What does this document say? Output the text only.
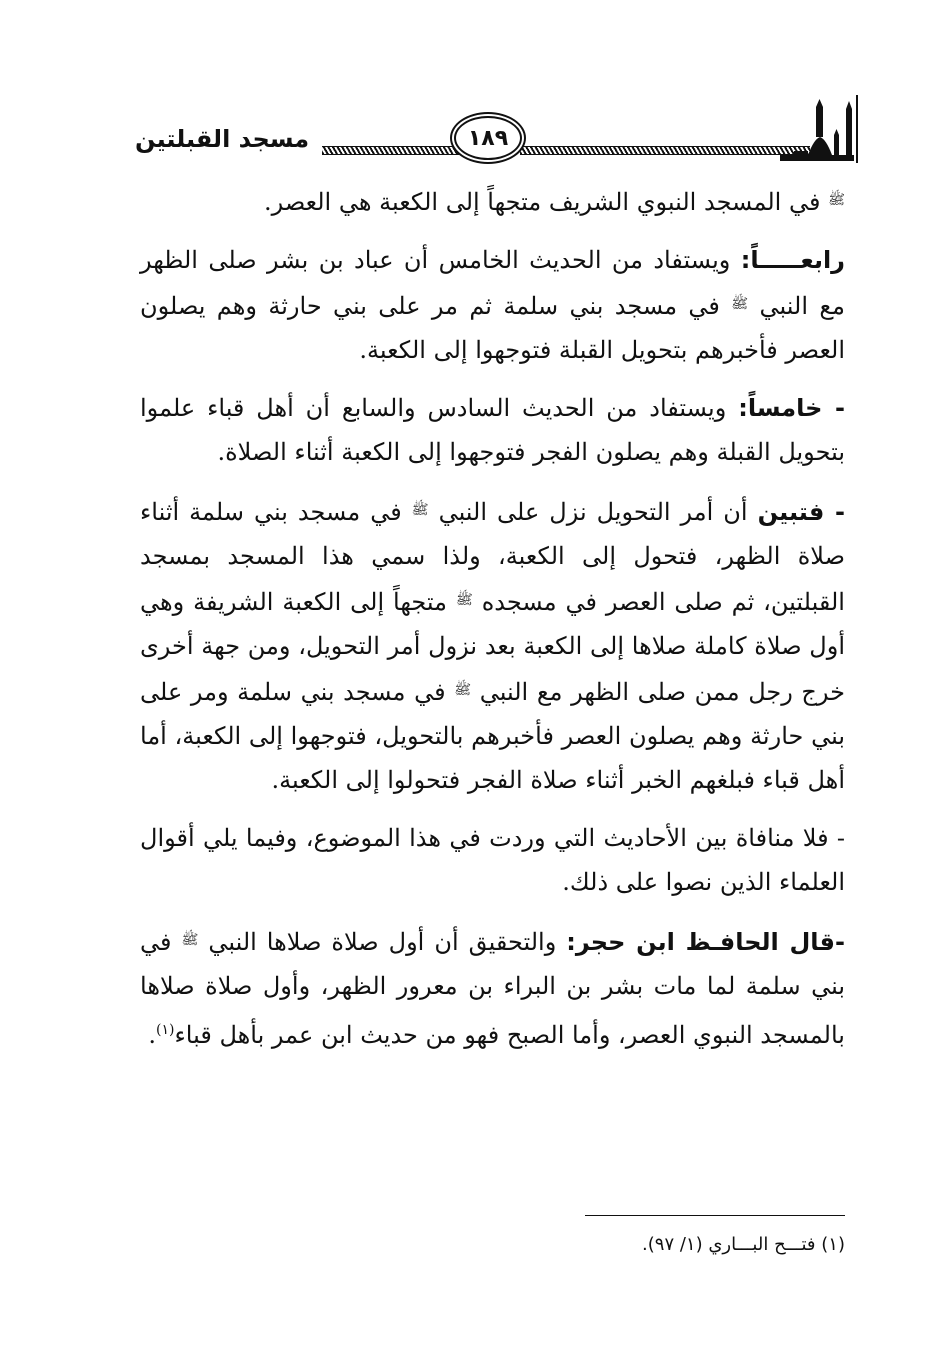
مسجد القبلتين	١٨٩

$^ﷺ$ في المسجد النبوي الشريف متجهاً إلى الكعبة هي العصر.

رابعـــــاً: ويستفاد من الحديث الخامس أن عباد بن بشر صلى الظهر مع النبي $^ﷺ$ في مسجد بني سلمة ثم مر على بني حارثة وهم يصلون العصر فأخبرهم بتحويل القبلة فتوجهوا إلى الكعبة.

- خامساً: ويستفاد من الحديث السادس والسابع أن أهل قباء علموا بتحويل القبلة وهم يصلون الفجر فتوجهوا إلى الكعبة أثناء الصلاة.

- فتبين أن أمر التحويل نزل على النبي $^ﷺ$ في مسجد بني سلمة أثناء صلاة الظهر، فتحول إلى الكعبة، ولذا سمي هذا المسجد بمسجد القبلتين، ثم صلى العصر في مسجده $^ﷺ$ متجهاً إلى الكعبة الشريفة وهي أول صلاة كاملة صلاها إلى الكعبة بعد نزول أمر التحويل، ومن جهة أخرى خرج رجل ممن صلى الظهر مع النبي $^ﷺ$ في مسجد بني سلمة ومر على بني حارثة وهم يصلون العصر فأخبرهم بالتحويل، فتوجهوا إلى الكعبة، أما أهل قباء فبلغهم الخبر أثناء صلاة الفجر فتحولوا إلى الكعبة.

- فلا منافاة بين الأحاديث التي وردت في هذا الموضوع، وفيما يلي أقوال العلماء الذين نصوا على ذلك.

-قال الحافـظ ابن حجر: والتحقيق أن أول صلاة صلاها النبي $^ﷺ$ في بني سلمة لما مات بشر بن البراء بن معرور الظهر، وأول صلاة صلاها بالمسجد النبوي العصر، وأما الصبح فهو من حديث ابن عمر بأهل قباء$^{(١)}$.

(١) فتـــح البـــاري (١/ ٩٧).
